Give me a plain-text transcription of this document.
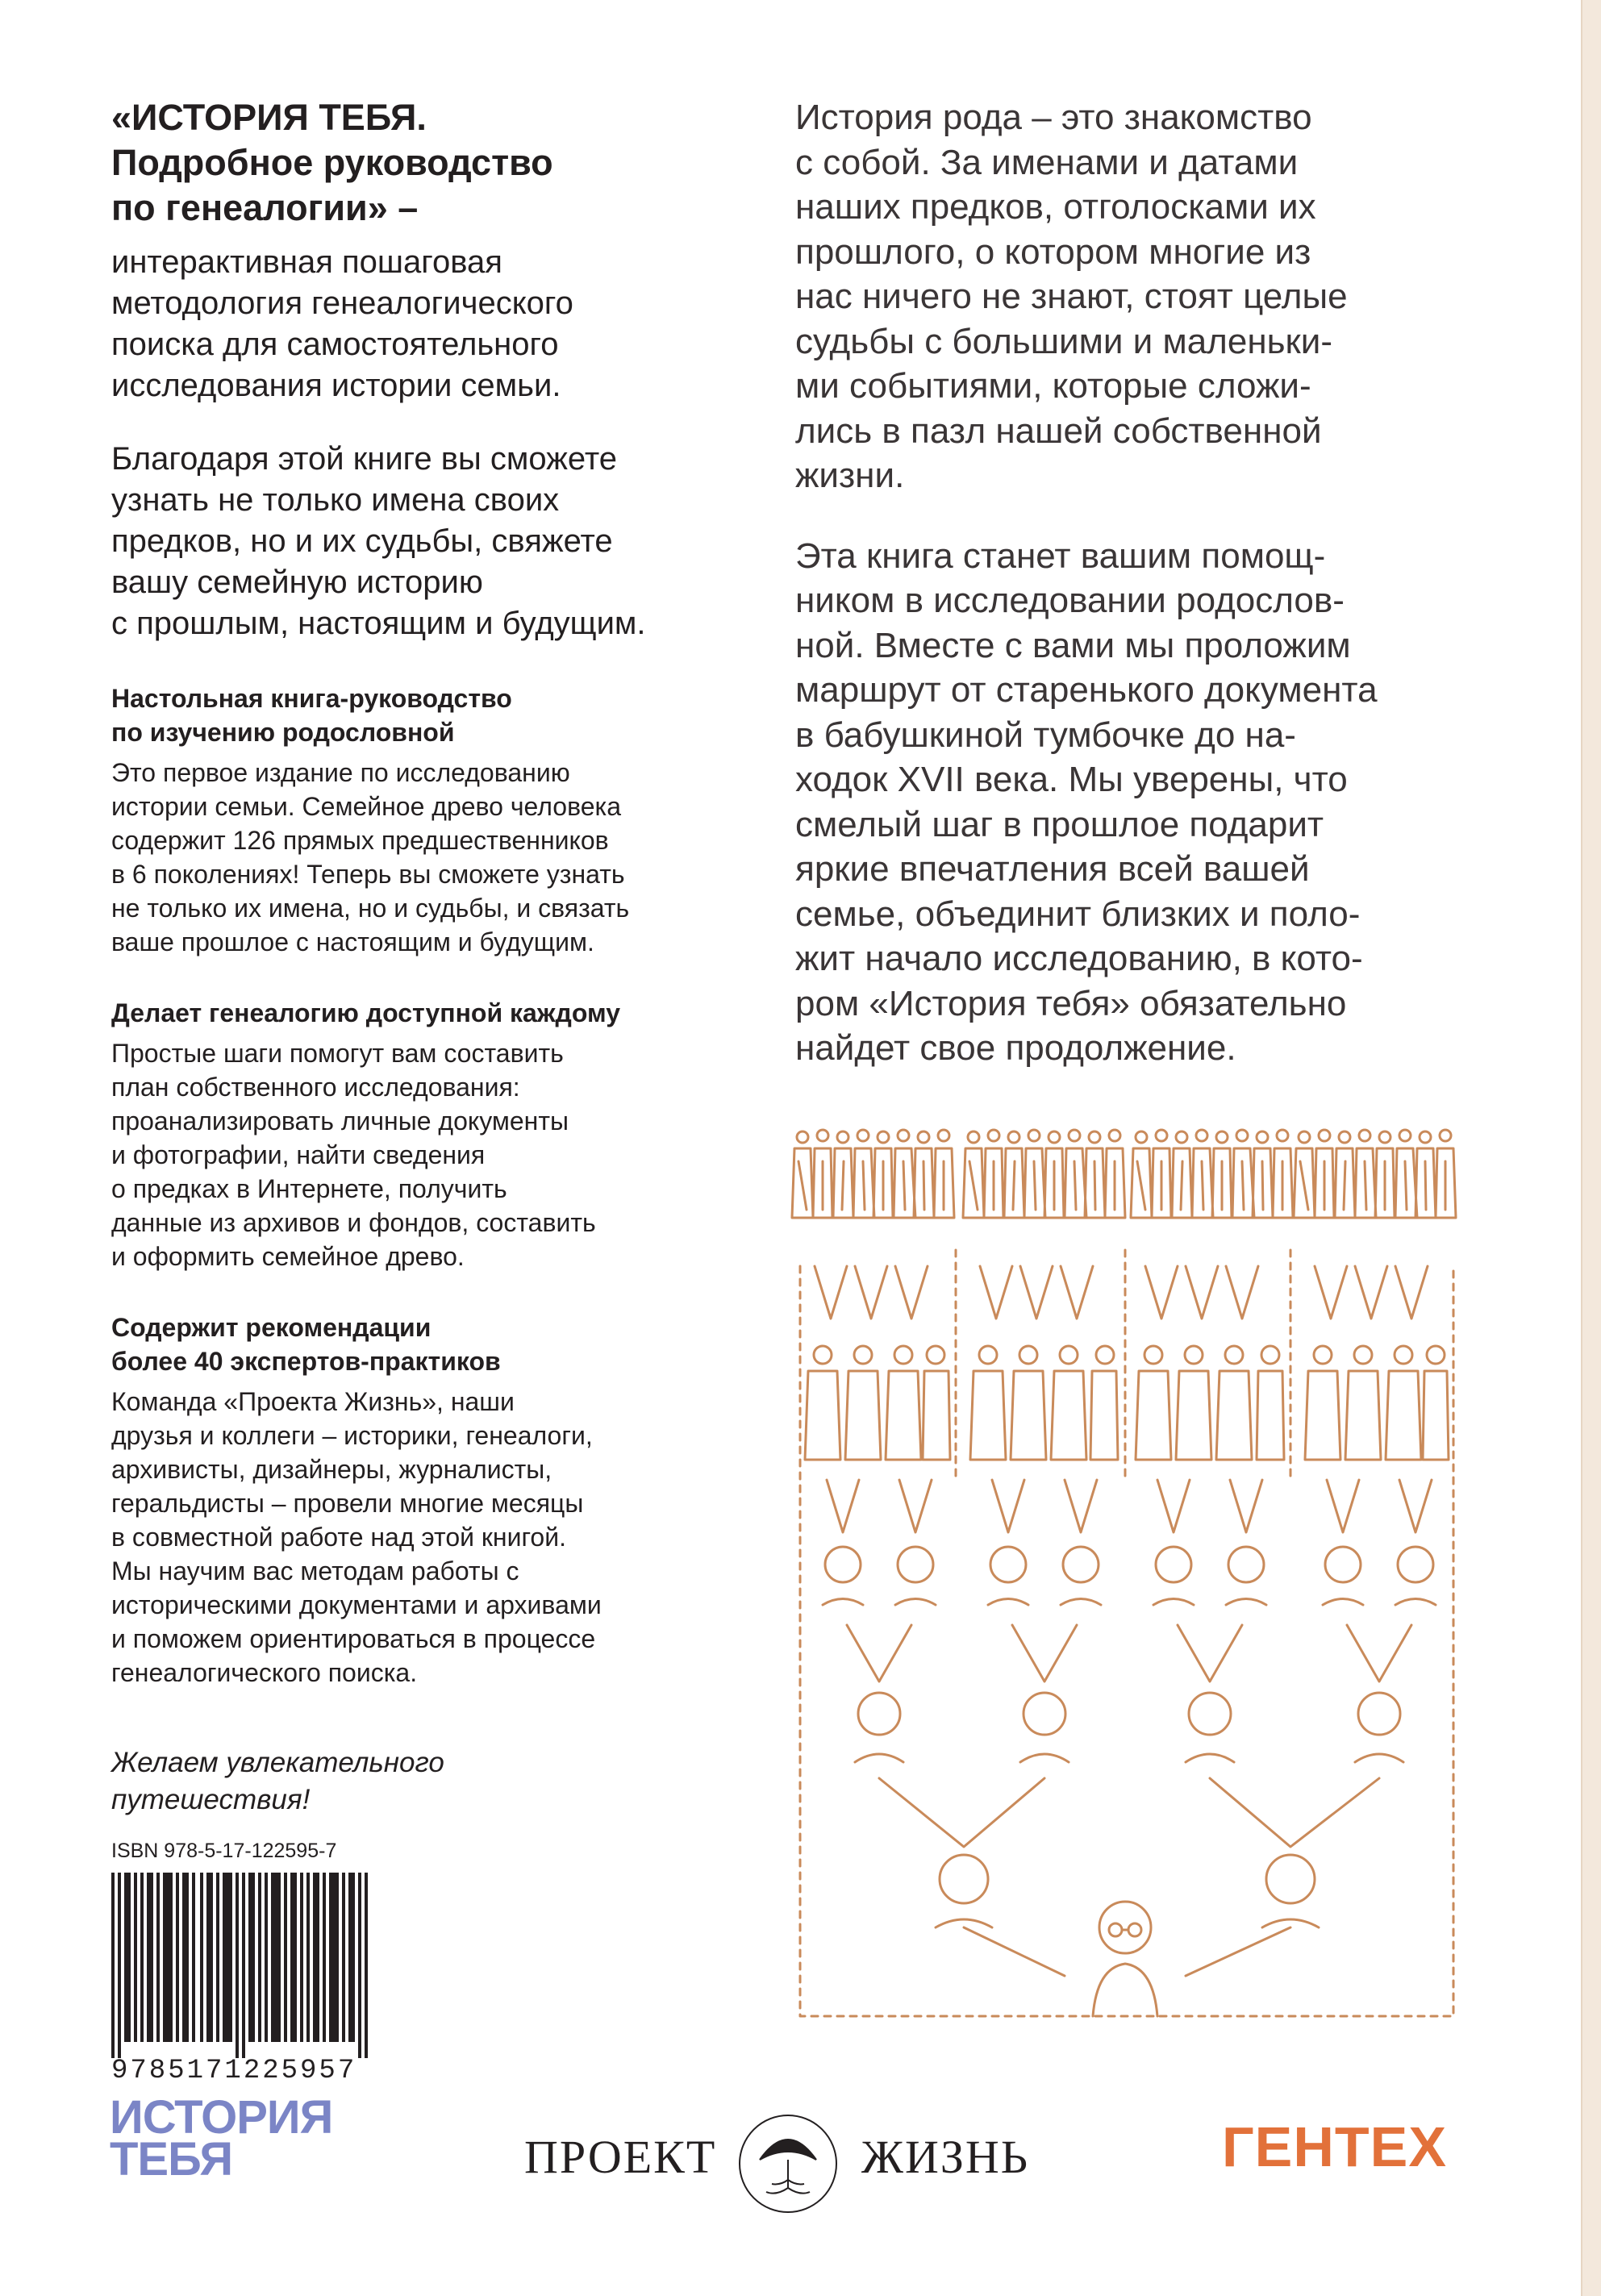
«ИСТОРИЯ ТЕБЯ.
Подробное руководство
по генеалогии» –

интерактивная пошаговая
методология генеалогического
поиска для самостоятельного
исследования истории семьи.

Благодаря этой книге вы сможете
узнать не только имена своих
предков, но и их судьбы, свяжете
вашу семейную историю
с прошлым, настоящим и будущим.

Настольная книга-руководство
по изучению родословной

Это первое издание по исследованию
истории семьи. Семейное древо человека
содержит 126 прямых предшественников
в 6 поколениях! Теперь вы сможете узнать
не только их имена, но и судьбы, и связать
ваше прошлое с настоящим и будущим.

Делает генеалогию доступной каждому

Простые шаги помогут вам составить
план собственного исследования:
проанализировать личные документы
и фотографии, найти сведения
о предках в Интернете, получить
данные из архивов и фондов, составить
и оформить семейное древо.

Содержит рекомендации
более 40 экспертов-практиков

Команда «Проекта Жизнь», наши
друзья и коллеги – историки, генеалоги,
архивисты, дизайнеры, журналисты,
геральдисты – провели многие месяцы
в совместной работе над этой книгой.
Мы научим вас методам работы с
историческими документами и архивами
и поможем ориентироваться в процессе
генеалогического поиска.

Желаем увлекательного
путешествия!

История рода – это знакомство
с собой. За именами и датами
наших предков, отголосками их
прошлого, о котором многие из
нас ничего не знают, стоят целые
судьбы с большими и маленьки-
ми событиями, которые сложи-
лись в пазл нашей собственной
жизни.

Эта книга станет вашим помощ-
ником в исследовании родослов-
ной. Вместе с вами мы проложим
маршрут от старенького документа
в бабушкиной тумбочке до на-
ходок XVII века. Мы уверены, что
смелый шаг в прошлое подарит
яркие впечатления всей вашей
семье, объединит близких и поло-
жит начало исследованию, в кото-
ром «История тебя» обязательно
найдет свое продолжение.

ISBN 978-5-17-122595-7
9785171225957
ИСТОРИЯ
ТЕБЯ	ПРОЕКТ	ЖИЗНЬ	ГЕНТЕХ
